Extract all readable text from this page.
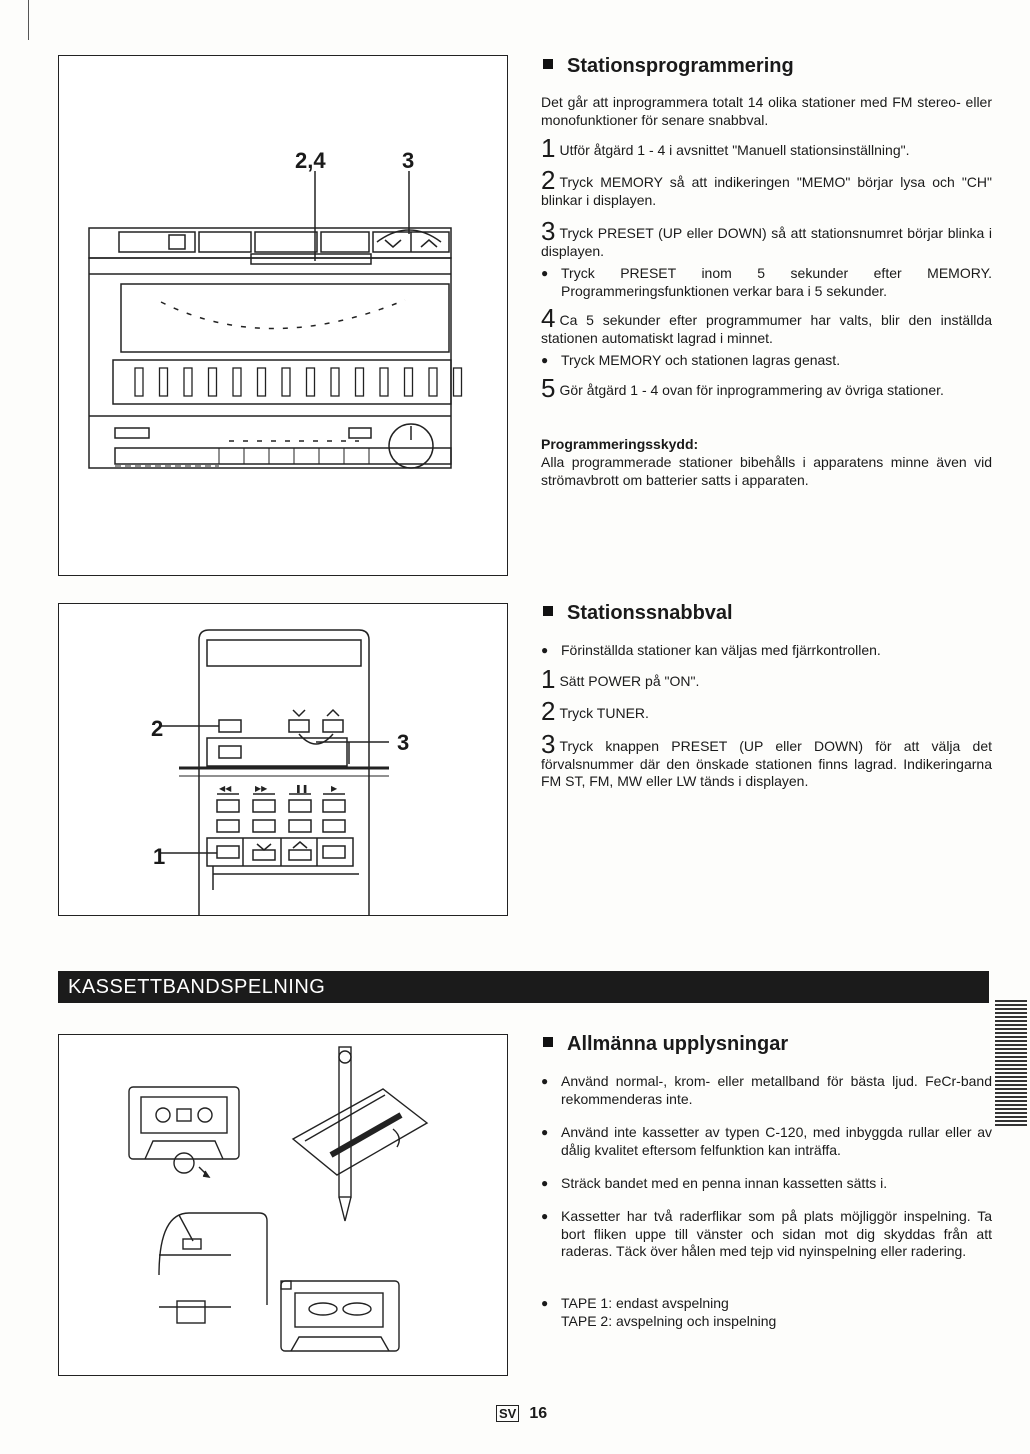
2,4	3
Stationsprogrammering
Det går att inprogrammera totalt 14 olika stationer med FM stereo- eller monofunktioner för senare snabbval.
1 Utför åtgärd 1 - 4 i avsnittet "Manuell stationsinställning".
2 Tryck MEMORY så att indikeringen "MEMO" börjar lysa och "CH" blinkar i displayen.
3 Tryck PRESET (UP eller DOWN) så att stationsnumret börjar blinka i displayen.
● Tryck PRESET inom 5 sekunder efter MEMORY. Programmeringsfunktionen verkar bara i 5 sekunder.
4 Ca 5 sekunder efter programmumer har valts, blir den inställda stationen automatiskt lagrad i minnet.
● Tryck MEMORY och stationen lagras genast.
5 Gör åtgärd 1 - 4 ovan för inprogrammering av övriga stationer.
Programmeringsskydd:
Alla programmerade stationer bibehålls i apparatens minne även vid strömavbrott om batterier satts i apparaten.
◀◀	▶▶	❚❚	▶
2
3
1
Stationssnabbval
● Förinställda stationer kan väljas med fjärrkontrollen.
1 Sätt POWER på "ON".
2 Tryck TUNER.
3 Tryck knappen PRESET (UP eller DOWN) för att välja det förvalsnummer där den önskade stationen finns lagrad. Indikeringarna FM ST, FM, MW eller LW tänds i displayen.
KASSETTBANDSPELNING
Allmänna upplysningar
● Använd normal-, krom- eller metallband för bästa ljud. FeCr-band rekommenderas inte.
● Använd inte kassetter av typen C-120, med inbyggda rullar eller av dålig kvalitet eftersom felfunktion kan inträffa.
● Sträck bandet med en penna innan kassetten sätts i.
● Kassetter har två raderflikar som på plats möjliggör inspelning. Ta bort fliken uppe till vänster och sidan mot dig skyddas från att raderas. Täck över hålen med tejp vid nyinspelning eller radering.
● TAPE 1: endast avspelning
TAPE 2: avspelning och inspelning
SV 16
